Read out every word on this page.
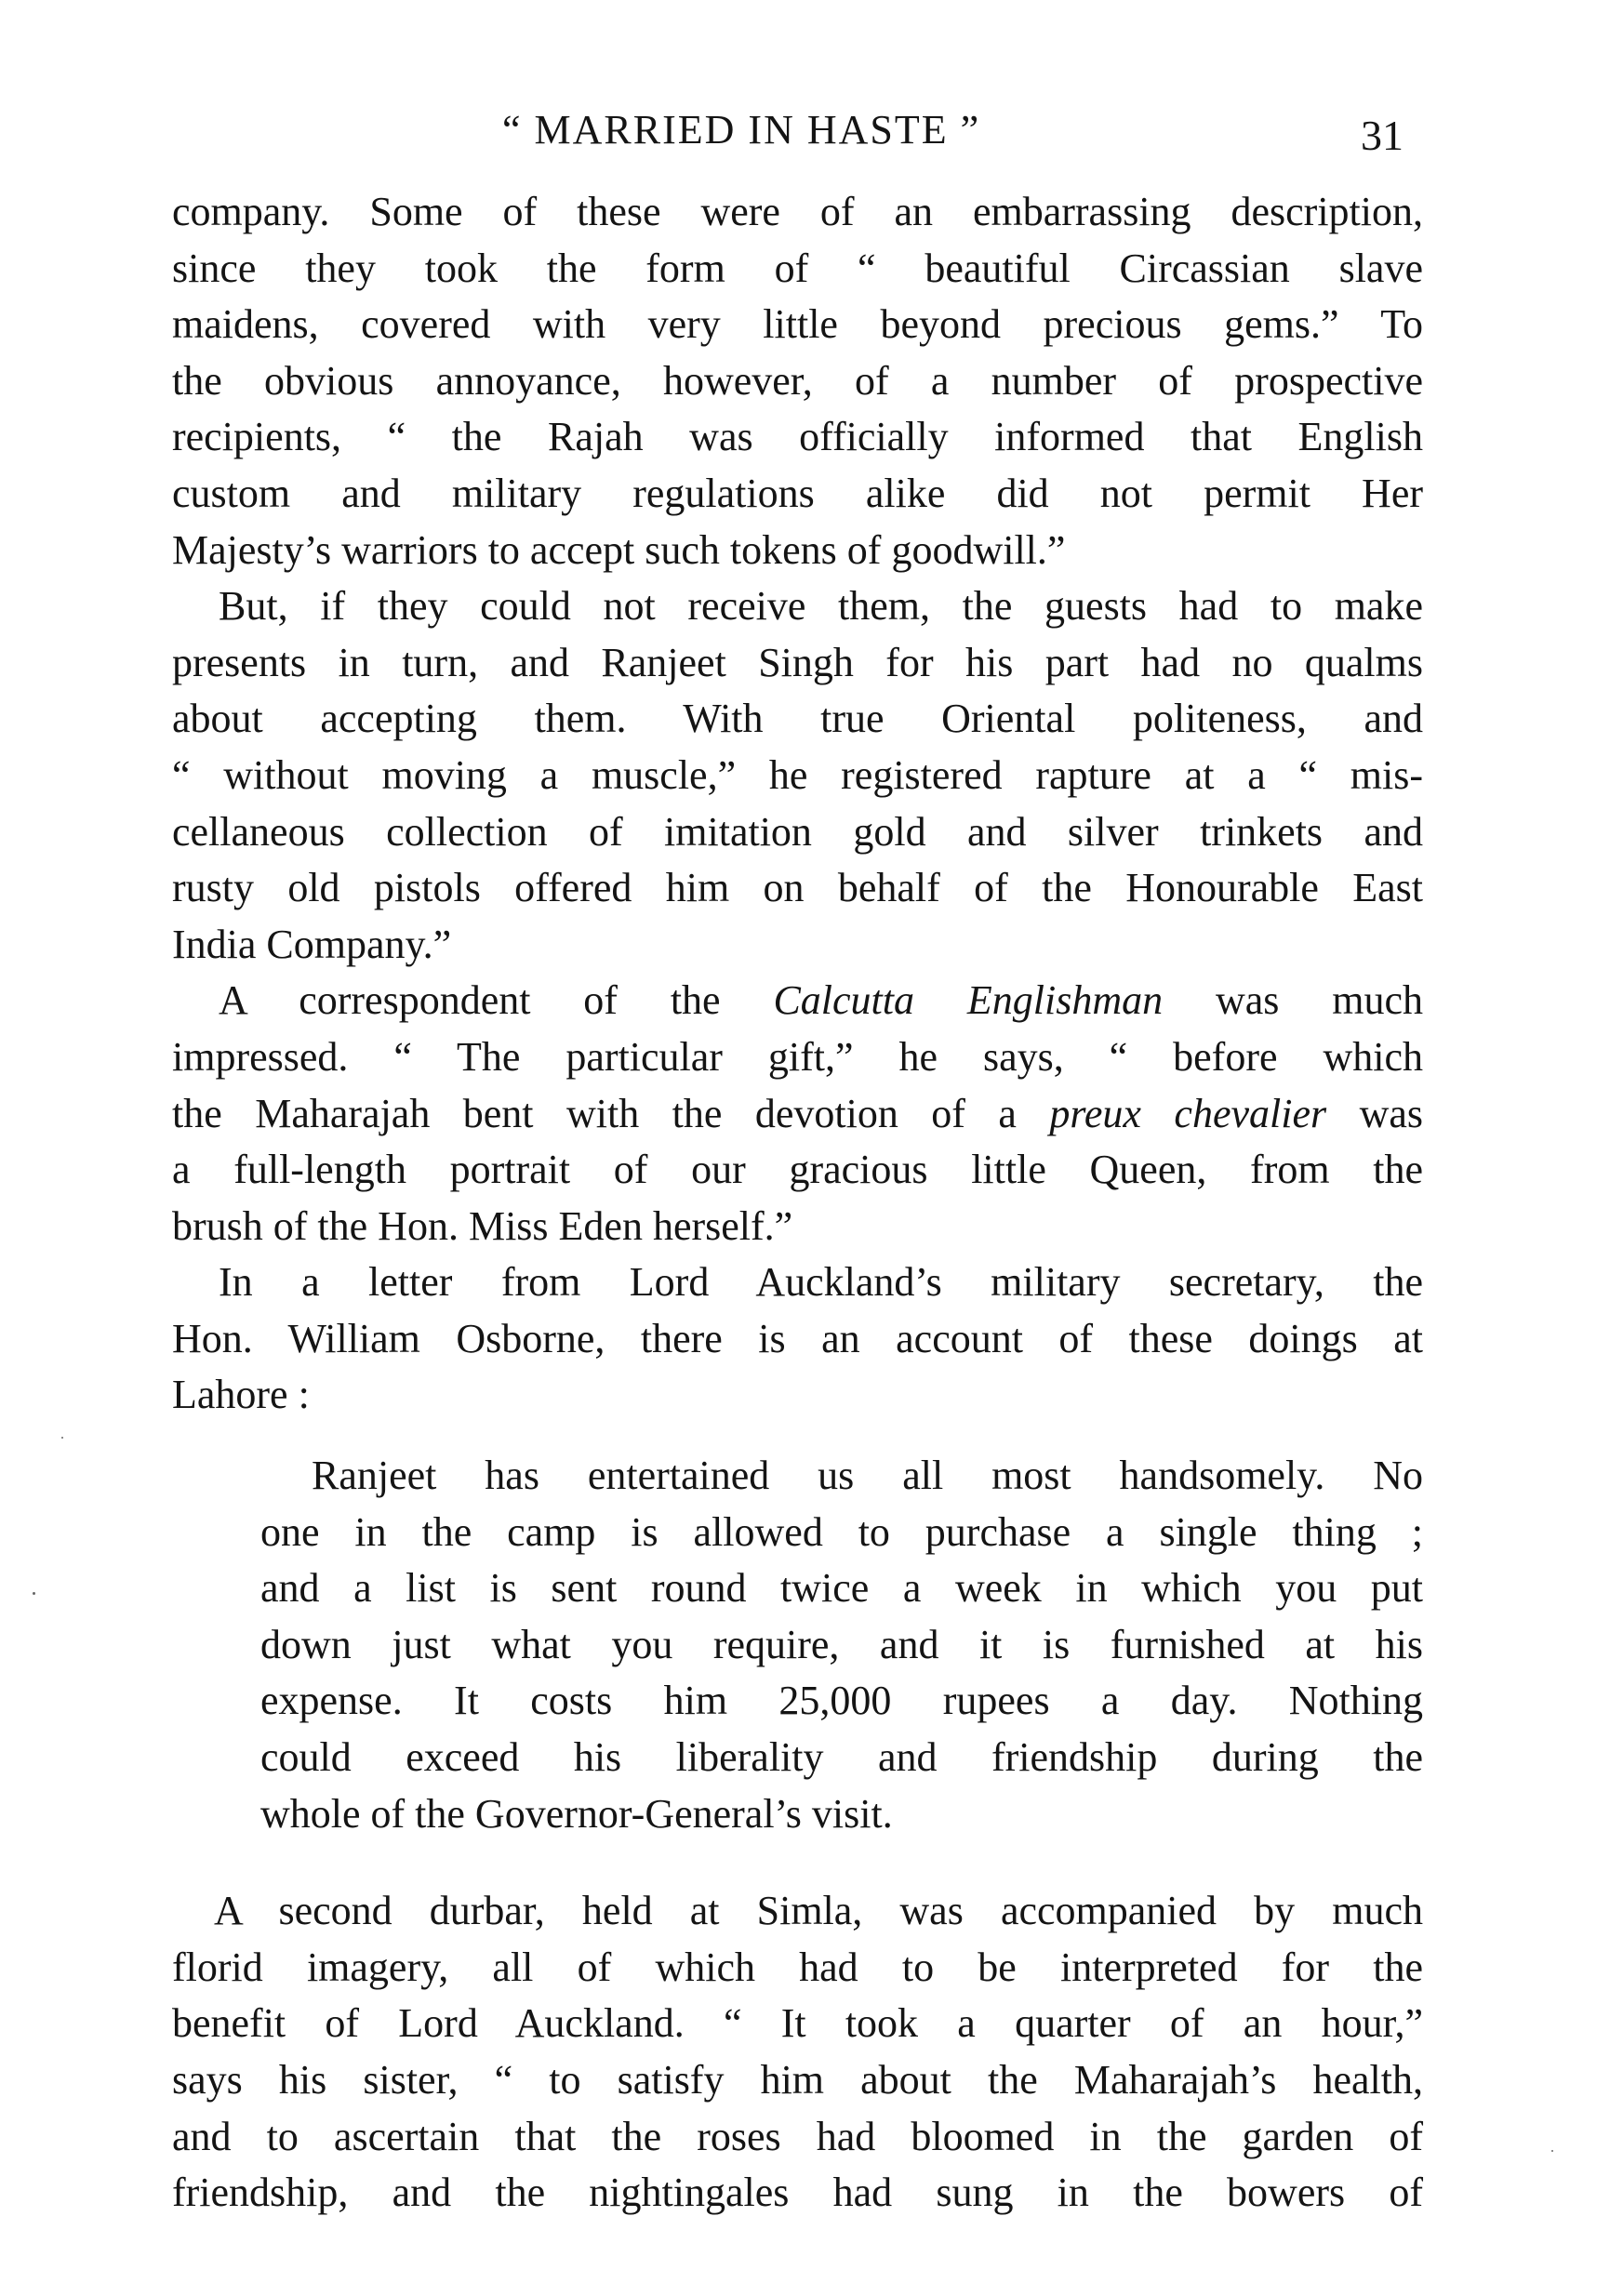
“ MARRIED IN HASTE ”	31

company. Some of these were of an embarrassing description,
since they took the form of “ beautiful Circassian slave
maidens, covered with very little beyond precious gems.” To
the obvious annoyance, however, of a number of prospective
recipients, “ the Rajah was officially informed that English
custom and military regulations alike did not permit Her
Majesty’s warriors to accept such tokens of goodwill.”

But, if they could not receive them, the guests had to make
presents in turn, and Ranjeet Singh for his part had no qualms
about accepting them. With true Oriental politeness, and
“ without moving a muscle,” he registered rapture at a “ mis-
cellaneous collection of imitation gold and silver trinkets and
rusty old pistols offered him on behalf of the Honourable East
India Company.”

A correspondent of the Calcutta Englishman was much
impressed. “ The particular gift,” he says, “ before which
the Maharajah bent with the devotion of a preux chevalier was
a full-length portrait of our gracious little Queen, from the
brush of the Hon. Miss Eden herself.”

In a letter from Lord Auckland’s military secretary, the
Hon. William Osborne, there is an account of these doings at
Lahore :

Ranjeet has entertained us all most handsomely. No
one in the camp is allowed to purchase a single thing ;
and a list is sent round twice a week in which you put
down just what you require, and it is furnished at his
expense. It costs him 25,000 rupees a day. Nothing
could exceed his liberality and friendship during the
whole of the Governor-General’s visit.

A second durbar, held at Simla, was accompanied by much
florid imagery, all of which had to be interpreted for the
benefit of Lord Auckland. “ It took a quarter of an hour,”
says his sister, “ to satisfy him about the Maharajah’s health,
and to ascertain that the roses had bloomed in the garden of
friendship, and the nightingales had sung in the bowers of
